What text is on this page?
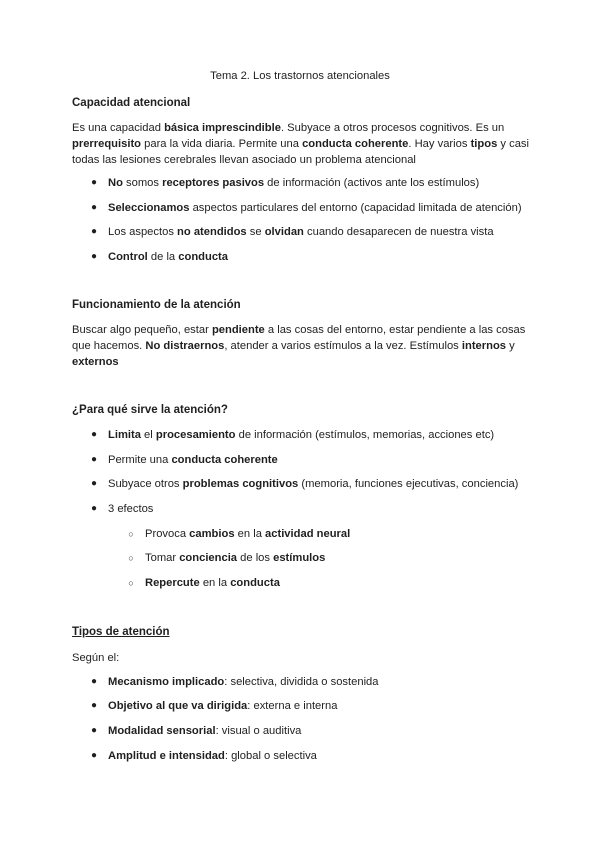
Tema 2. Los trastornos atencionales
Capacidad atencional
Es una capacidad básica imprescindible. Subyace a otros procesos cognitivos. Es un prerrequisito para la vida diaria. Permite una conducta coherente. Hay varios tipos y casi todas las lesiones cerebrales llevan asociado un problema atencional
● No somos receptores pasivos de información (activos ante los estímulos)
● Seleccionamos aspectos particulares del entorno (capacidad limitada de atención)
● Los aspectos no atendidos se olvidan cuando desaparecen de nuestra vista
● Control de la conducta
Funcionamiento de la atención
Buscar algo pequeño, estar pendiente a las cosas del entorno, estar pendiente a las cosas que hacemos. No distraernos, atender a varios estímulos a la vez. Estímulos internos y externos
¿Para qué sirve la atención?
● Limita el procesamiento de información (estímulos, memorias, acciones etc)
● Permite una conducta coherente
● Subyace otros problemas cognitivos (memoria, funciones ejecutivas, conciencia)
● 3 efectos
○ Provoca cambios en la actividad neural
○ Tomar conciencia de los estímulos
○ Repercute en la conducta
Tipos de atención
Según el:
● Mecanismo implicado: selectiva, dividida o sostenida
● Objetivo al que va dirigida: externa e interna
● Modalidad sensorial: visual o auditiva
● Amplitud e intensidad: global o selectiva
